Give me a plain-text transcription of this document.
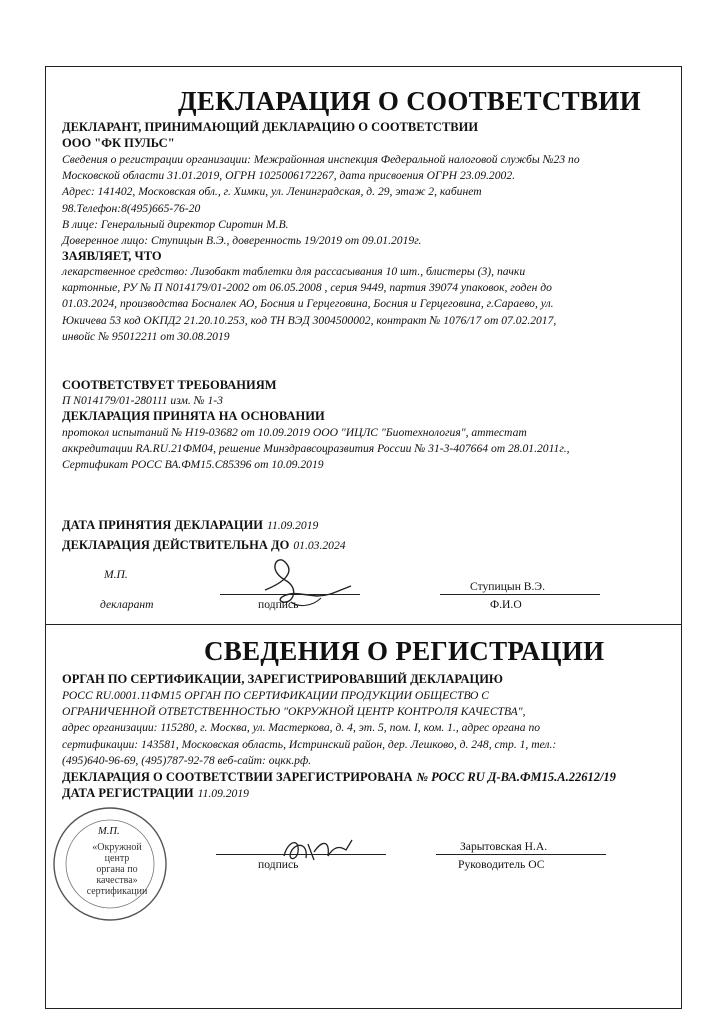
ДЕКЛАРАЦИЯ О СООТВЕТСТВИИ
ДЕКЛАРАНТ, ПРИНИМАЮЩИЙ ДЕКЛАРАЦИЮ О СООТВЕТСТВИИ
ООО "ФК ПУЛЬС"
Сведения о регистрации организации: Межрайонная инспекция Федеральной налоговой службы №23 по
Московской области 31.01.2019, ОГРН 1025006172267, дата присвоения ОГРН 23.09.2002.
Адрес: 141402, Московская обл., г. Химки, ул. Ленинградская, д. 29, этаж 2, кабинет
98.Телефон:8(495)665-76-20
В лице: Генеральный директор Сиротин М.В.
Доверенное лицо: Ступицын В.Э., доверенность 19/2019 от 09.01.2019г.
ЗАЯВЛЯЕТ, ЧТО
лекарственное средство: Лизобакт таблетки для рассасывания 10 шт., блистеры (3), пачки
картонные, РУ № П N014179/01-2002 от 06.05.2008 , серия 9449, партия 39074 упаковок, годен до
01.03.2024, производства Босналек АО, Босния и Герцеговина, Босния и Герцеговина, г.Сараево, ул.
Юкичева 53 код ОКПД2 21.20.10.253, код ТН ВЭД 3004500002, контракт № 1076/17 от 07.02.2017,
инвойс № 95012211 от 30.08.2019
СООТВЕТСТВУЕТ ТРЕБОВАНИЯМ
П N014179/01-280111 изм. № 1-3
ДЕКЛАРАЦИЯ ПРИНЯТА НА ОСНОВАНИИ
протокол испытаний № Н19-03682 от 10.09.2019 ООО "ИЦЛС "Биотехнология", аттестат
аккредитации RA.RU.21ФМ04, решение Минздравсоцразвития России № 31-3-407664 от 28.01.2011г.,
Сертификат РОСС ВА.ФМ15.С85396 от 10.09.2019
ДАТА ПРИНЯТИЯ ДЕКЛАРАЦИИ 11.09.2019
ДЕКЛАРАЦИЯ ДЕЙСТВИТЕЛЬНА ДО 01.03.2024
М.П.
декларант	подпись
Ступицын В.Э.
Ф.И.О
СВЕДЕНИЯ О РЕГИСТРАЦИИ
ОРГАН ПО СЕРТИФИКАЦИИ, ЗАРЕГИСТРИРОВАВШИЙ ДЕКЛАРАЦИЮ
РОСС RU.0001.11ФМ15 ОРГАН ПО СЕРТИФИКАЦИИ ПРОДУКЦИИ ОБЩЕСТВО С
ОГРАНИЧЕННОЙ ОТВЕТСТВЕННОСТЬЮ "ОКРУЖНОЙ ЦЕНТР КОНТРОЛЯ КАЧЕСТВА",
адрес организации: 115280, г. Москва, ул. Мастеркова, д. 4, эт. 5, пом. I, ком. 1., адрес органа по
сертификации: 143581, Московская область, Истринский район, дер. Лешково, д. 248, стр. 1, тел.:
(495)640-96-69, (495)787-92-78 веб-сайт: оцкк.рф.
ДЕКЛАРАЦИЯ О СООТВЕТСТВИИ ЗАРЕГИСТРИРОВАНА № РОСС RU Д-ВА.ФМ15.А.22612/19
ДАТА РЕГИСТРАЦИИ 11.09.2019
М.П.
«Окружной
центр
органа по
качества»
сертификации
подпись
Зарытовская Н.А.
Руководитель ОС
